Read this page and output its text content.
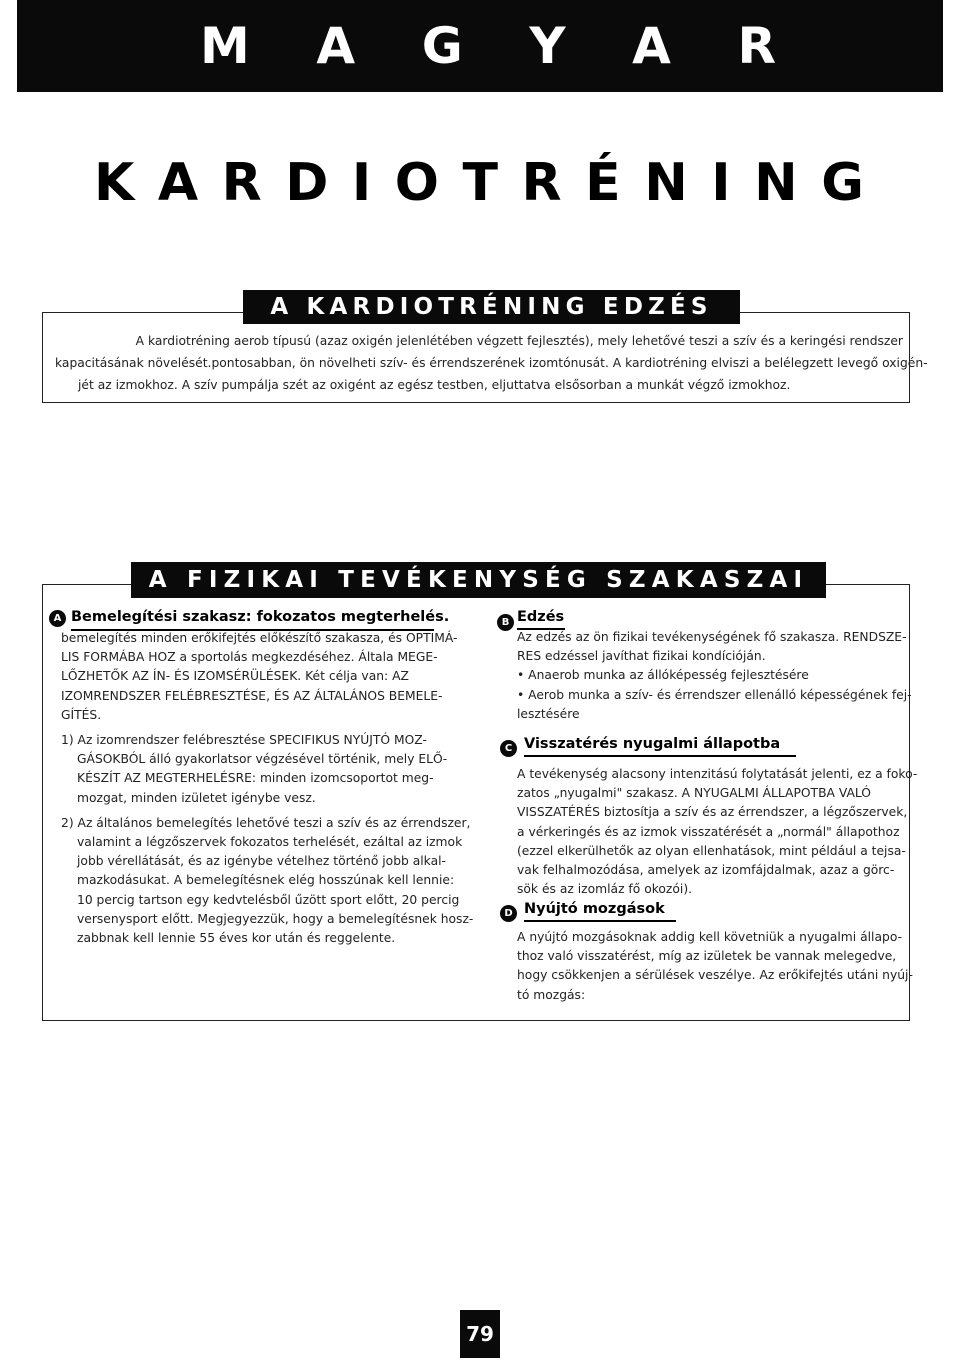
M A G Y A R
K A R D I O T R É N I N G
A KARDIOTRÉNING EDZÉS
A kardiotréning aerob típusú (azaz oxigén jelenlétében végzett fejlesztés), mely lehetővé teszi a szív és a keringési rendszer
kapacitásának növelését.pontosabban, ön növelheti szív- és érrendszerének izomtónusát. A kardiotréning elviszi a belélegzett levegő oxigén-
jét az izmokhoz. A szív pumpálja szét az oxigént az egész testben, eljuttatva elsősorban a munkát végző izmokhoz.
A FIZIKAI TEVÉKENYSÉG SZAKASZAI
A Bemelegítési szakasz: fokozatos megterhelés.
bemelegítés minden erőkifejtés előkészítő szakasza, és OPTIMÁ-
LIS FORMÁBA HOZ a sportolás megkezdéséhez. Általa MEGE-
LŐZHETŐK AZ ÍN- ÉS IZOMSÉRÜLÉSEK. Két célja van: AZ
IZOMRENDSZER FELÉBRESZTÉSE, ÉS AZ ÁLTALÁNOS BEMELE-
GÍTÉS.
1) Az izomrendszer felébresztése SPECIFIKUS NYÚJTÓ MOZ-
GÁSOKBÓL álló gyakorlatsor végzésével történik, mely ELŐ-
KÉSZÍT AZ MEGTERHELÉSRE: minden izomcsoportot meg-
mozgat, minden izületet igénybe vesz.
2) Az általános bemelegítés lehetővé teszi a szív és az érrendszer,
valamint a légzőszervek fokozatos terhelését, ezáltal az izmok
jobb vérellátását, és az igénybe vételhez történő jobb alkal-
mazkodásukat. A bemelegítésnek elég hosszúnak kell lennie:
10 percig tartson egy kedvtelésből űzött sport előtt, 20 percig
versenysport előtt. Megjegyezzük, hogy a bemelegítésnek hosz-
zabbnak kell lennie 55 éves kor után és reggelente.
B Edzés
Az edzés az ön fizikai tevékenységének fő szakasza. RENDSZE-
RES edzéssel javíthat fizikai kondícióján.
• Anaerob munka az állóképesség fejlesztésére
• Aerob munka a szív- és érrendszer ellenálló képességének fej-
lesztésére
C Visszatérés nyugalmi állapotba
A tevékenység alacsony intenzitású folytatását jelenti, ez a foko-
zatos „nyugalmi" szakasz. A NYUGALMI ÁLLAPOTBA VALÓ
VISSZATÉRÉS biztosítja a szív és az érrendszer, a légzőszervek,
a vérkeringés és az izmok visszatérését a „normál" állapothoz
(ezzel elkerülhetők az olyan ellenhatások, mint például a tejsa-
vak felhalmozódása, amelyek az izomfájdalmak, azaz a görc-
sök és az izomláz fő okozói).
D Nyújtó mozgások
A nyújtó mozgásoknak addig kell követniük a nyugalmi állapo-
thoz való visszatérést, míg az izületek be vannak melegedve,
hogy csökkenjen a sérülések veszélye. Az erőkifejtés utáni nyúj-
tó mozgás:
79
